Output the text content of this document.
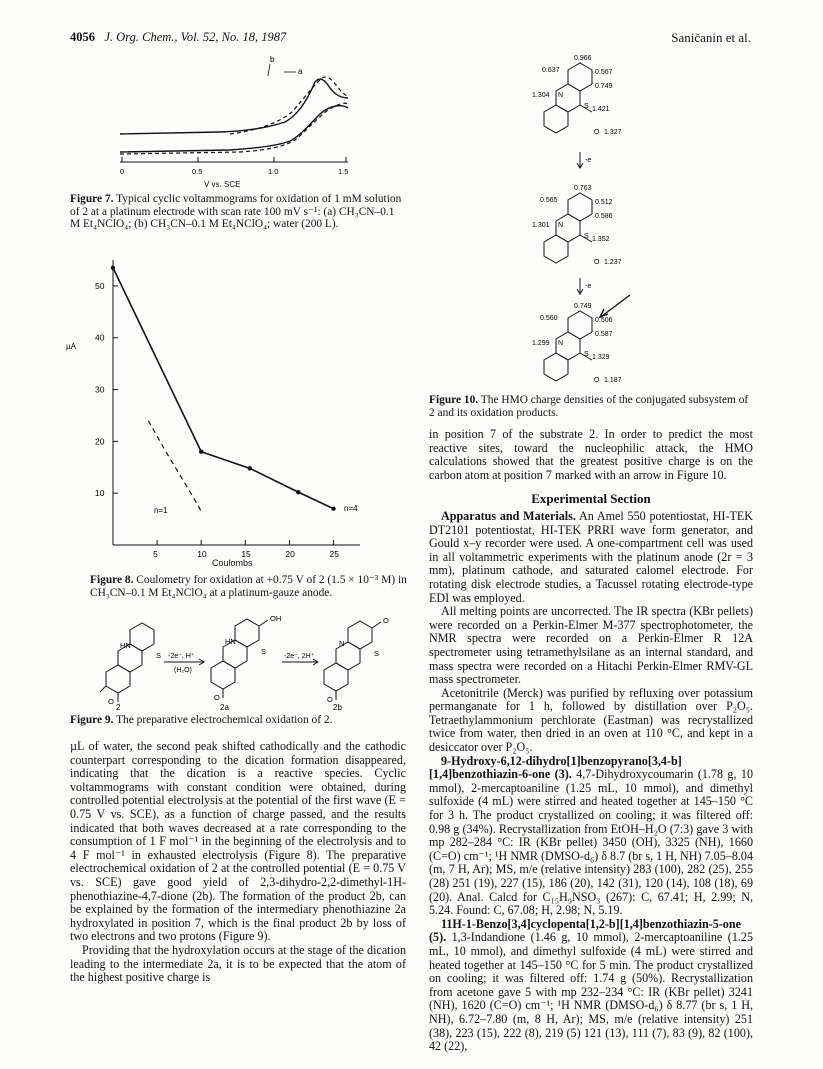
4056 J. Org. Chem., Vol. 52, No. 18, 1987	Saničanin et al.
b
a
0	0.5	1.0	1.5
V vs. SCE
Figure 7. Typical cyclic voltammograms for oxidation of 1 mM solution of 2 at a platinum electrode with scan rate 100 mV s⁻¹: (a) CH₃CN–0.1 M Et₄NClO₄; (b) CH₃CN–0.1 M Et₄NClO₄; water (200 L).
5	10	15	20	25
10
20
30
40
50
n=4
n=1
µA
Coulombs
Figure 8. Coulometry for oxidation at +0.75 V of 2 (1.5 × 10⁻³ M) in CH₃CN–0.1 M Et₄NClO₄ at a platinum-gauze anode.
HN
S
O
HN
S
OH
O
N
S
O
O
-2e⁻, H⁺
(H₂O)
-2e⁻, 2H⁺
2	2a	2b
Figure 9. The preparative electrochemical oxidation of 2.

µL of water, the second peak shifted cathodically and the cathodic counterpart corresponding to the dication formation disappeared, indicating that the dication is a reactive species. Cyclic voltammograms with constant condition were obtained, during controlled potential electrolysis at the potential of the first wave (E = 0.75 V vs. SCE), as a function of charge passed, and the results indicated that both waves decreased at a rate corresponding to the consumption of 1 F mol⁻¹ in the beginning of the electrolysis and to 4 F mol⁻¹ in exhausted electrolysis (Figure 8). The preparative electrochemical oxidation of 2 at the controlled potential (E = 0.75 V vs. SCE) gave good yield of 2,3-dihydro-2,2-dimethyl-1H-phenothiazine-4,7-dione (2b). The formation of the product 2b, can be explained by the formation of the intermediary phenothiazine 2a hydroxylated in position 7, which is the final product 2b by loss of two electrons and two protons (Figure 9).

Providing that the hydroxylation occurs at the stage of the dication leading to the intermediate 2a, it is to be expected that the atom of the highest positive charge is

0.966
0.637	0.567
0.749
1.304 N
S 1.421
O 1.327
-e
0.763
0.565	0.512
0.586
1.301 N
S 1.352
O 1.237
-e
0.749
0.560	0.506
0.587
1.299 N
S 1.329
O 1.187
Figure 10. The HMO charge densities of the conjugated subsystem of 2 and its oxidation products.

in position 7 of the substrate 2. In order to predict the most reactive sites, toward the nucleophilic attack, the HMO calculations showed that the greatest positive charge is on the carbon atom at position 7 marked with an arrow in Figure 10.

Experimental Section

Apparatus and Materials. An Amel 550 potentiostat, HI-TEK DT2101 potentiostat, HI-TEK PRRI wave form generator, and Gould x–y recorder were used. A one-compartment cell was used in all voltammetric experiments with the platinum anode (2r = 3 mm), platinum cathode, and saturated calomel electrode. For rotating disk electrode studies, a Tacussel rotating electrode-type EDI was employed.

All melting points are uncorrected. The IR spectra (KBr pellets) were recorded on a Perkin-Elmer M-377 spectrophotometer, the NMR spectra were recorded on a Perkin-Elmer R 12A spectrometer using tetramethylsilane as an internal standard, and mass spectra were recorded on a Hitachi Perkin-Elmer RMV-GL mass spectrometer.

Acetonitrile (Merck) was purified by refluxing over potassium permanganate for 1 h, followed by distillation over P₂O₅. Tetraethylammonium perchlorate (Eastman) was recrystallized twice from water, then dried in an oven at 110 °C, and kept in a desiccator over P₂O₅.

9-Hydroxy-6,12-dihydro[1]benzopyrano[3,4-b][1,4]benzothiazin-6-one (3). 4,7-Dihydroxycoumarin (1.78 g, 10 mmol), 2-mercaptoaniline (1.25 mL, 10 mmol), and dimethyl sulfoxide (4 mL) were stirred and heated together at 145–150 °C for 3 h. The product crystallized on cooling; it was filtered off: 0.98 g (34%). Recrystallization from EtOH–H₂O (7:3) gave 3 with mp 282–284 °C: IR (KBr pellet) 3450 (OH), 3325 (NH), 1660 (C=O) cm⁻¹; ¹H NMR (DMSO-d₆) δ 8.7 (br s, 1 H, NH) 7.05–8.04 (m, 7 H, Ar); MS, m/e (relative intensity) 283 (100), 282 (25), 255 (28) 251 (19), 227 (15), 186 (20), 142 (31), 120 (14), 108 (18), 69 (20). Anal. Calcd for C₁₅H₉NSO₃ (267): C, 67.41; H, 2.99; N, 5.24. Found: C, 67.08; H, 2.98; N, 5.19.

11H-1-Benzo[3,4]cyclopenta[1,2-b][1,4]benzothiazin-5-one (5). 1,3-Indandione (1.46 g, 10 mmol), 2-mercaptoaniline (1.25 mL, 10 mmol), and dimethyl sulfoxide (4 mL) were stirred and heated together at 145–150 °C for 5 min. The product crystallized on cooling; it was filtered off: 1.74 g (50%). Recrystallization from acetone gave 5 with mp 232–234 °C: IR (KBr pellet) 3241 (NH), 1620 (C=O) cm⁻¹; ¹H NMR (DMSO-d₆) δ 8.77 (br s, 1 H, NH), 6.72–7.80 (m, 8 H, Ar); MS, m/e (relative intensity) 251 (38), 223 (15), 222 (8), 219 (5) 121 (13), 111 (7), 83 (9), 82 (100), 42 (22),
